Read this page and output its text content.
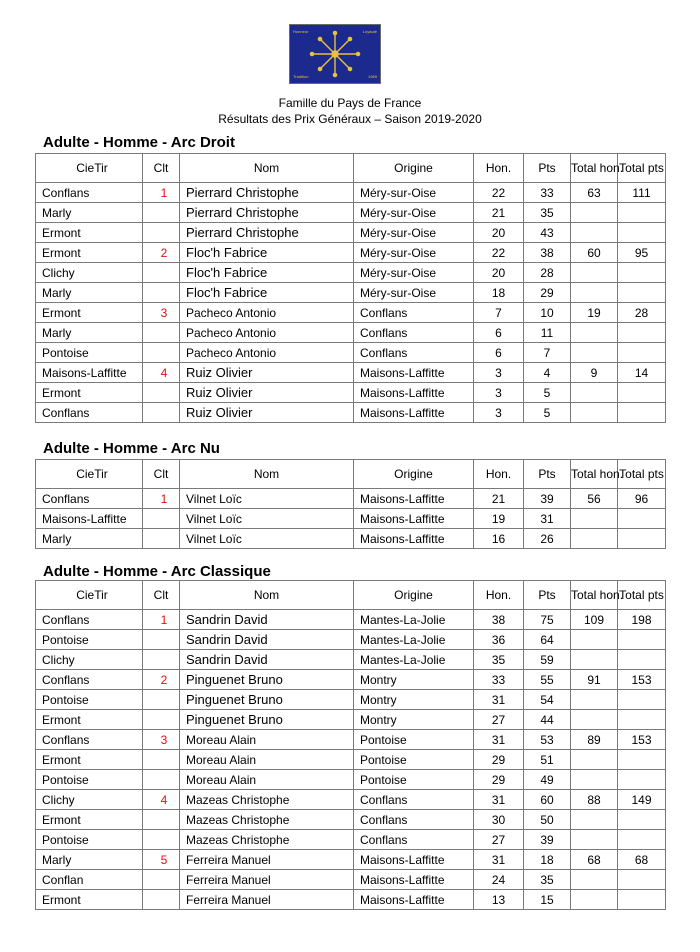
Honneur	Loyauté
Tradition	1969
Famille du Pays de France
Résultats des Prix Généraux – Saison 2019-2020
Adulte - Homme - Arc Droit
CieTir	Clt	Nom	Origine	Hon.	Pts	Total hon.	Total pts
Conflans	1	Pierrard Christophe	Méry-sur-Oise	22	33	63	111
Marly		Pierrard Christophe	Méry-sur-Oise	21	35		
Ermont		Pierrard Christophe	Méry-sur-Oise	20	43		
Ermont	2	Floc'h Fabrice	Méry-sur-Oise	22	38	60	95
Clichy		Floc'h Fabrice	Méry-sur-Oise	20	28		
Marly		Floc'h Fabrice	Méry-sur-Oise	18	29		
Ermont	3	Pacheco Antonio	Conflans	7	10	19	28
Marly		Pacheco Antonio	Conflans	6	11		
Pontoise		Pacheco Antonio	Conflans	6	7		
Maisons-Laffitte	4	Ruiz Olivier	Maisons-Laffitte	3	4	9	14
Ermont		Ruiz Olivier	Maisons-Laffitte	3	5		
Conflans		Ruiz Olivier	Maisons-Laffitte	3	5		
Adulte - Homme - Arc Nu
CieTir	Clt	Nom	Origine	Hon.	Pts	Total hon.	Total pts
Conflans	1	Vilnet Loïc	Maisons-Laffitte	21	39	56	96
Maisons-Laffitte		Vilnet Loïc	Maisons-Laffitte	19	31		
Marly		Vilnet Loïc	Maisons-Laffitte	16	26		
Adulte - Homme - Arc Classique
CieTir	Clt	Nom	Origine	Hon.	Pts	Total hon.	Total pts
Conflans	1	Sandrin David	Mantes-La-Jolie	38	75	109	198
Pontoise		Sandrin David	Mantes-La-Jolie	36	64		
Clichy		Sandrin David	Mantes-La-Jolie	35	59		
Conflans	2	Pinguenet Bruno	Montry	33	55	91	153
Pontoise		Pinguenet Bruno	Montry	31	54		
Ermont		Pinguenet Bruno	Montry	27	44		
Conflans	3	Moreau Alain	Pontoise	31	53	89	153
Ermont		Moreau Alain	Pontoise	29	51		
Pontoise		Moreau Alain	Pontoise	29	49		
Clichy	4	Mazeas Christophe	Conflans	31	60	88	149
Ermont		Mazeas Christophe	Conflans	30	50		
Pontoise		Mazeas Christophe	Conflans	27	39		
Marly	5	Ferreira Manuel	Maisons-Laffitte	31	18	68	68
Conflan		Ferreira Manuel	Maisons-Laffitte	24	35		
Ermont		Ferreira Manuel	Maisons-Laffitte	13	15		
